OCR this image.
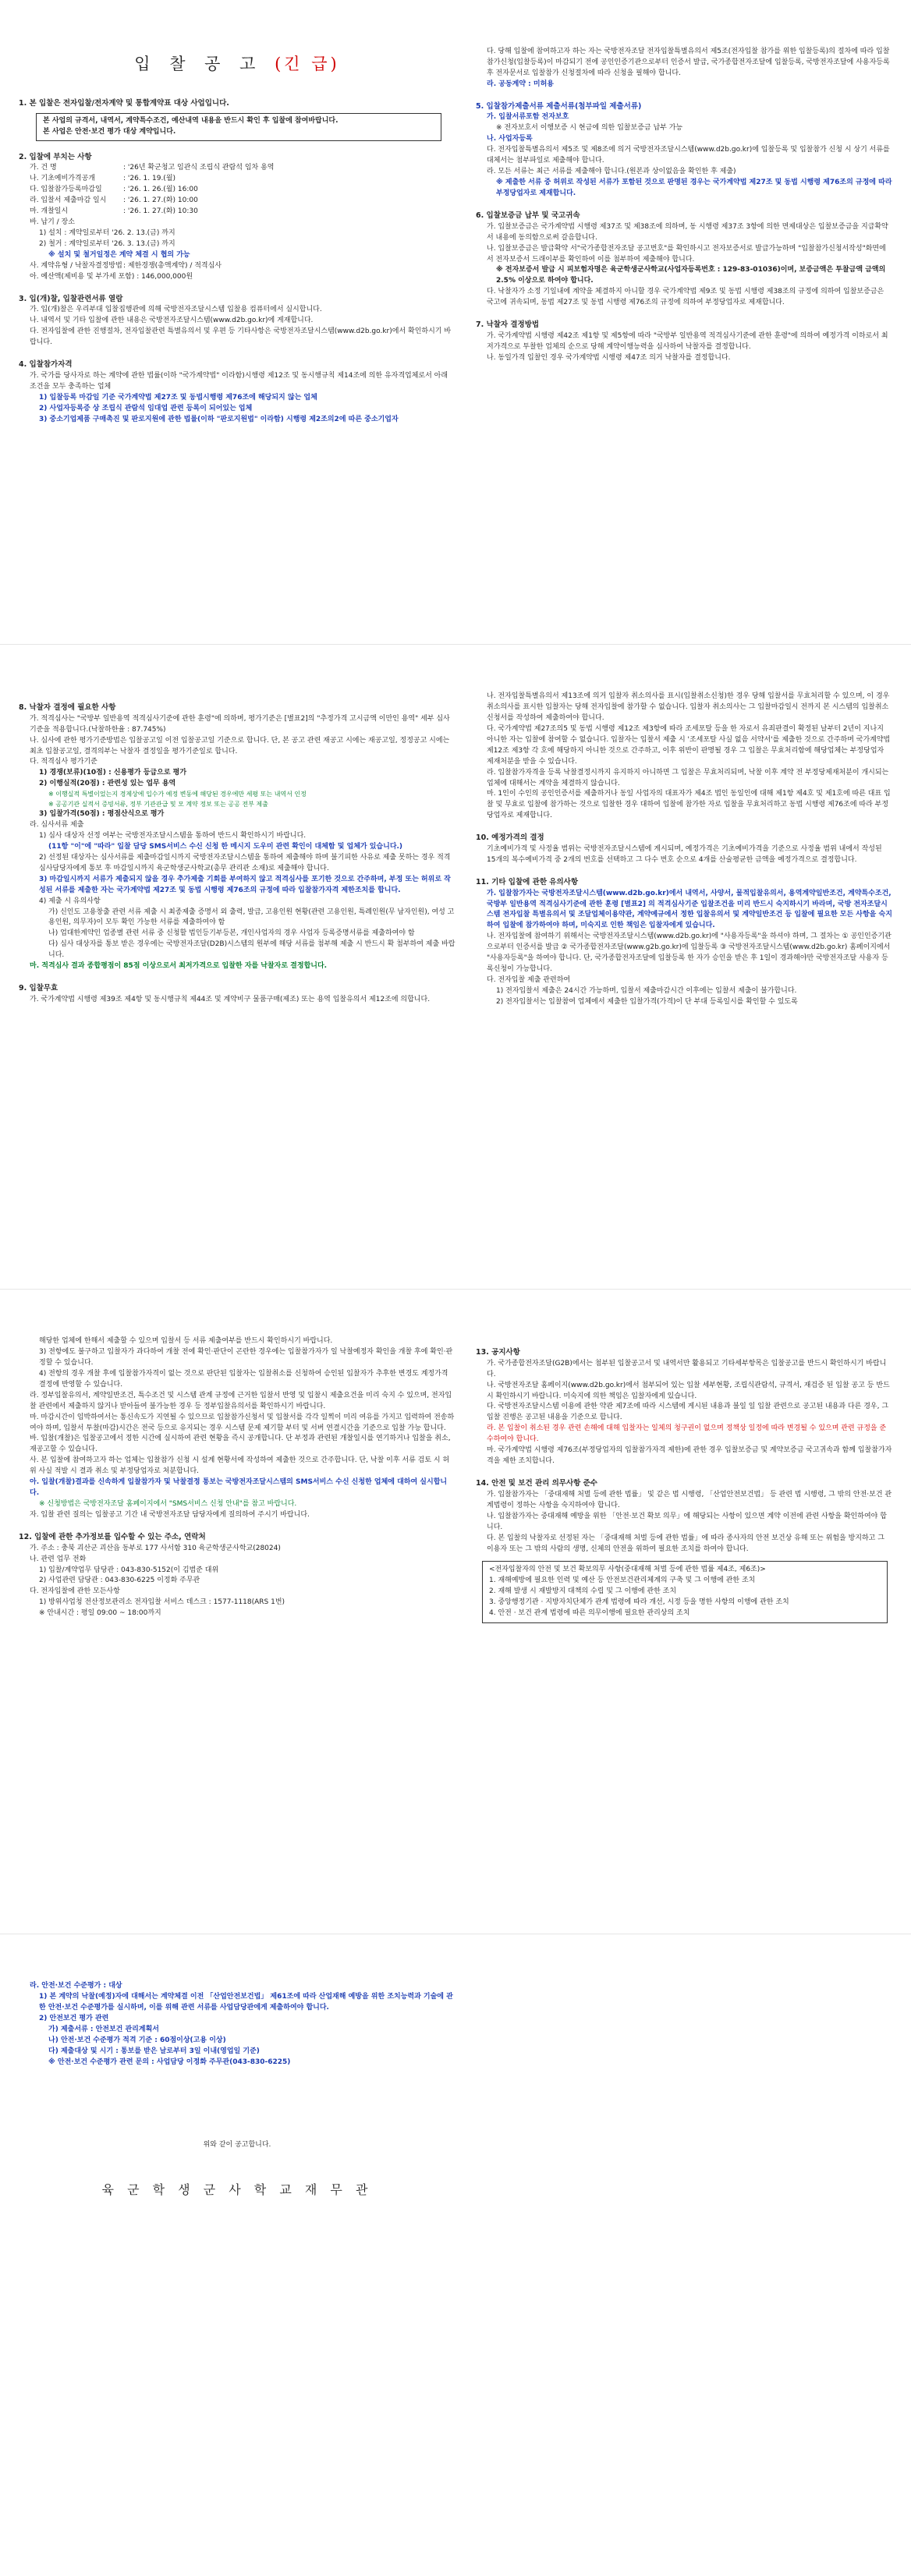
입 찰 공 고 (긴 급)
1. 본 입찰은 전자입찰/전자계약 및 통합계약표 대상 사업입니다.
본 사업의 규격서, 내역서, 계약특수조건, 예산내역 내용을 반드시 확인 후 입찰에 참여바랍니다.
본 사업은 안전·보건 평가 대상 계약입니다.
2. 입찰에 부치는 사항
가. 건 명	: '26년 확군청고 임관식 조립식 관람석 임차 용역
나. 기초예비가격공개	: '26. 1. 19.(월)
다. 입찰참가등록마감일	: '26. 1. 26.(월) 16:00
라. 입찰서 제출마감 일시	: '26. 1. 27.(화) 10:00
마. 개찰일시	: '26. 1. 27.(화) 10:30
바. 납기 / 장소
1) 설치 : 계약일로부터 '26. 2. 13.(금) 까지
2) 철거 : 계약일로부터 '26. 3. 13.(금) 까지
※ 설치 및 철거일정은 계약 체결 시 협의 가능
사. 계약유형 / 낙찰자결정방법 : 제한경쟁(총액계약) / 적격심사
아. 예산액(제비용 및 부가세 포함) : 146,000,000원
3. 입(개)찰, 입찰관련서류 열람
가. 입(개)찰은 우리부대 입찰집행관에 의해 국방전자조달시스템 입찰용 컴퓨터에서 실시합니다.
나. 내역서 및 기타 입찰에 관한 내용은 국방전자조달시스템(www.d2b.go.kr)에 게재합니다.
다. 전자입찰에 관한 진행절차, 전자입찰관련 특별유의서 및 우편 등 기타사항은 국방전자조달시스템(www.d2b.go.kr)에서 확인하시기 바랍니다.
4. 입찰참가자격
가. 국가를 당사자로 하는 계약에 관한 법률(이하 "국가계약법" 이라함)시행령 제12조 및 동시행규칙 제14조에 의한 유자격업체로서 아래 조건을 모두 충족하는 업체
1) 입찰등록 마감일 기준 국가계약법 제27조 및 동법시행령 제76조에 해당되지 않는 업체
2) 사업자등록증 상 조립식 관람석 임대업 관련 등록이 되어있는 업체
3) 중소기업제품 구매촉진 및 판로지원에 관한 법률(이하 "판로지원법" 이라함) 시행령 제2조의2에 따른 중소기업자
다. 당해 입찰에 참여하고자 하는 자는 국방전자조달 전자입찰특별유의서 제5조(전자입찰 참가를 위한 입찰등록)의 절차에 따라 입찰참가신청(입찰등록)이 마감되기 전에 공인인증기관으로부터 인증서 발급, 국가종합전자조달에 입찰등록, 국방전자조달에 사용자등록 후 전자문서로 입찰참가 신청절차에 따라 신청을 필해야 합니다.
라. 공동계약 : 미허용
5. 입찰참가제출서류 제출서류(첨부파일 제출서류)
가. 입찰서류포함 전자보호
※ 전자보호서 이행보증 시 현금에 의한 입찰보증금 납부 가능
나. 사업자등록
다. 전자입찰특별유의서 제5조 및 제8조에 의거 국방전자조달시스템(www.d2b.go.kr)에 입찰등록 및 입찰참가 신청 시 상기 서류를 대체서는 첨부파일로 제출해야 합니다.
라. 모든 서류는 최근 서류를 제출해야 합니다.(원본과 상이없음을 확인한 후 제출)
※ 제출한 서류 중 허위로 작성된 서류가 포함된 것으로 판명된 경우는 국가계약법 제27조 및 동법 시행령 제76조의 규정에 따라 부정당업자로 제재합니다.
6. 입찰보증금 납부 및 국고귀속
가. 입찰보증금은 국가계약법 시행령 제37조 및 제38조에 의하며, 동 시행령 제37조 3항에 의한 면제대상은 입찰보증금을 지급확약서 내용에 동의함으로써 갈음합니다.
나. 입찰보증금은 발급확약 서"국가종합전자조달 공고번호"를 확인하시고 전자보증서로 발급가능하며 "입찰참가신청서작성"화면에서 전자보증서 드래이부를 확인하여 이를 첨부하여 제출해야 합니다.
※ 전자보증서 발급 시 피보험자명은 육군학생군사학교(사업자등록번호 : 129-83-01036)이며, 보증금액은 투찰금액 금액의 2.5% 이상으로 하여야 합니다.
다. 낙찰자가 소정 기일내에 계약을 체결하지 아니할 경우 국가계약법 제9조 및 동법 시행령 제38조의 규정에 의하여 입찰보증금은 국고에 귀속되며, 동법 제27조 및 동법 시행령 제76조의 규정에 의하여 부정당업자로 제재합니다.
7. 낙찰자 결정방법
가. 국가계약법 시행령 제42조 제1항 및 제5항에 따라 "국방부 일반용역 적격심사기준에 관한 훈령"에 의하여 예정가격 이하로서 최저가격으로 투찰한 업체의 순으로 당해 계약이행능력을 심사하여 낙찰자를 결정합니다.
나. 동일가격 입찰인 경우 국가계약법 시행령 제47조 의거 낙찰자를 결정합니다.
8. 낙찰자 결정에 필요한 사항
가. 적격심사는 "국방부 일반용역 적격심사기준에 관한 훈령"에 의하며, 평가기준은 [별표2]의 "추정가격 고시금액 이만인 용역" 세부 심사기준을 적용합니다.(낙찰하한율 : 87.745%)
나. 심사에 관한 평가기준방법은 입찰공고일 이전 입찰공고일 기준으로 합니다. 단, 본 공고 관련 재공고 시에는 재공고일, 정정공고 시에는 최초 입찰공고일, 결격의부는 낙찰자 결정일을 평가기준일로 합니다.
다. 적격심사 평가기준
1) 경쟁(보류)(10점) : 신용평가 등급으로 평가
2) 이행실적(20점) : 관련성 있는 업무 용역
※ 이행실적 특별이었는지 경제상에 입수가 예정 변동에 해당된 경우에만 세평 또는 내역서 인정
※ 공공기관 실적서 증빙서류, 정부 기관관급 및 모 계약 정보 또는 공공 전부 제출
3) 입찰가격(50점) : 평점산식으로 평가
라. 심사서류 제출
1) 심사 대상자 선정 여부는 국방전자조달시스템을 통하여 반드시 확인하시기 바랍니다.
(11항 "이"에 "따라" 입찰 담당 SMS서비스 수신 신청 한 메시지 도우미 관련 확인이 대체함 및 업체가 있습니다.)
2) 선정된 대상자는 심사서류를 제출마감일시까지 국방전자조달시스템을 통하여 제출해야 하며 불기피한 사유로 제출 못하는 경우 적격심사담당자에게 통보 후 마감일시까지 육군학생군사학교(총무 관리관 소재)로 제출해야 합니다.
3) 마감일시까지 서류가 제출되지 않을 경우 추가제출 기회를 부여하지 않고 적격심사를 포기한 것으로 간주하며, 부정 또는 허위로 작성된 서류를 제출한 자는 국가계약법 제27조 및 동법 시행령 제76조의 규정에 따라 입찰참가자격 제한조치를 합니다.
4) 제출 시 유의사항
가) 신인도 고용창출 관련 서류 제출 시 최종제출 증명서 외 출력, 발급, 고용인원 현황(관련 고용인원, 특례인원(무 남자인원), 여성 고용인원, 의무자)이 모두 확인 가능한 서류를 제출하여야 함
나) 업대한계약인 업종별 관련 서류 중 신청할 법인등기부등본, 개인사업자의 경우 사업자 등록증명서류를 제출하여야 함
다) 심사 대상자를 통보 받은 경우에는 국방전자조달(D2B)시스템의 원부에 해당 서류를 첨부해 제출 시 반드시 확 첨부하여 제출 바랍니다.
마. 적격심사 결과 종합평점이 85점 이상으로서 최저가격으로 입찰한 자를 낙찰자로 결정합니다.
9. 입찰무효
가. 국가계약법 시행령 제39조 제4항 및 동시행규칙 제44조 및 계약비구 물품구매(제조) 또는 용역 입찰유의서 제12조에 의합니다.
나. 전자입찰특별유의서 제13조에 의거 입찰자 취소의사를 표시(입찰취소신청)한 경우 당해 입찰서를 무효처리할 수 있으며, 이 경우 취소의사를 표시한 입찰자는 당해 전자입찰에 참가할 수 없습니다. 입찰자 취소의사는 그 입찰마감일시 전까지 본 시스템의 입찰취소 신청서를 작성하여 제출하여야 합니다.
다. 국가계약법 제27조의5 및 동법 시행령 제12조 제3항에 따라 조세포탈 등을 한 자로서 유죄판결이 확정된 날부터 2년이 지나지 아니한 자는 입찰에 참여할 수 없습니다. 입찰자는 입찰서 제출 시 '조세포탈 사실 없음 서약서'를 제출한 것으로 간주하며 국가계약법 제12조 제3항 각 호에 해당하지 아니한 것으로 간주하고, 이후 위반이 판명될 경우 그 입찰은 무효처리함에 해당업체는 부정당업자 제재처분을 받을 수 있습니다.
라. 입찰참가자격을 등록 낙찰결정시까지 유지하지 아니하면 그 입찰은 무효처리되며, 낙찰 이후 계약 전 부정당제재처분이 개시되는 업체에 대해서는 계약을 체결하지 않습니다.
마. 1인이 수인의 공인인증서를 제출하거나 동일 사업자의 대표자가 제4조 법인 동일인에 대해 제1항 제4호 및 제1호에 따른 대표 입찰 및 무효로 입찰에 참가하는 것으로 입찰한 경우 대하여 입찰에 참가한 자로 입찰을 무효처리하고 동법 시행령 제76조에 따라 부정당업자로 제재합니다.
10. 예정가격의 결정
기초예비가격 및 사정율 범위는 국방전자조달시스템에 게시되며, 예정가격은 기초예비가격을 기준으로 사정율 범위 내에서 작성된 15개의 복수예비가격 중 2개의 번호를 선택하고 그 다수 번호 순으로 4개를 산술평균한 금액을 예정가격으로 결정합니다.
11. 기타 입찰에 관한 유의사항
가. 입찰참가자는 국방전자조달시스템(www.d2b.go.kr)에서 내역서, 사양서, 물적입찰유의서, 용역계약일반조건, 계약특수조건, 국방부 일반용역 적격심사기준에 관한 훈령 [별표2] 의 적격심사기준 입찰조건을 미리 반드시 숙지하시기 바라며, 국방 전자조달시스템 전자입찰 특별유의서 및 조달업체이용약관, 계약예규에서 정한 입찰유의서 및 계약일반조건 등 입찰에 필요한 모든 사항을 숙지하여 입찰에 참가하여야 하며, 미숙지로 인한 책임은 입찰자에게 있습니다.
나. 전자입찰에 참여하기 위해서는 국방전자조달시스템(www.d2b.go.kr)에 "사용자등록"을 하셔야 하며, 그 절차는 ① 공인인증기관으로부터 인증서를 발급 ② 국가종합전자조달(www.g2b.go.kr)에 입찰등록 ③ 국방전자조달시스템(www.d2b.go.kr) 홈페이지에서 "사용자등록"을 하여야 합니다. 단, 국가종합전자조달에 입찰등록 한 자가 승인을 받은 후 1일이 경과해야만 국방전자조달 사용자 등록신청이 가능합니다.
다. 전자입찰 제출 관련하여
1) 전자입찰서 제출은 24시간 가능하며, 입찰서 제출마감시간 이후에는 입찰서 제출이 불가합니다.
2) 전자입찰서는 입찰참여 업체에서 제출한 입찰가격(가격)이 단 부대 등록일시를 확인할 수 있도록
해당한 업체에 한해서 제출할 수 있으며 입찰서 등 서류 제출여부를 반드시 확인하시기 바랍니다.
3) 전항에도 불구하고 입찰자가 과다하여 개찰 전에 확인·판단이 곤란한 경우에는 입찰참가자가 일 낙찰예정자 확인을 개찰 후에 확인·판정할 수 있습니다.
4) 전항의 경우 개찰 후에 입찰참가자격이 없는 것으로 판단된 입찰자는 입찰취소를 신청하여 승인된 입찰자가 추후한 변경도 계정가격 결정에 반영할 수 있습니다.
라. 정부입찰유의서, 계약일반조건, 특수조건 및 시스템 관계 규정에 근거한 입찰서 반영 및 입찰시 제출요건을 미리 숙지 수 있으며, 전자입찰 관련에서 제출하지 않거나 받아들여 불가능한 경우 등 정부입찰유의서를 확인하시기 바랍니다.
마. 마감시간이 임박하여서는 통신속도가 지연될 수 있으므로 입찰참가신청서 및 입찰서를 각각 일찍이 미리 여유를 가지고 입력하여 전송하여야 하며, 입찰서 투찰(마감)시간은 전국 등으로 유지되는 경우 시스템 문제 제기할 부터 및 서버 연결시간을 기준으로 입찰 가능 합니다.
바. 입찰(개찰)은 입찰공고에서 정한 시간에 실시하여 관련 현황을 즉시 공개합니다. 단 부정과 관련된 개찰일시를 연기하거나 입찰을 취소, 재공고할 수 있습니다.
사. 본 입찰에 참여하고자 하는 업체는 입찰참가 신청 시 설계 현황서에 작성하여 제출한 것으로 간주합니다. 단, 낙찰 이후 서류 검토 시 허위 사실 적발 시 결과 취소 및 부정당업자로 처분합니다.
아. 입찰(개찰)결과를 신속하게 입찰참가자 및 낙찰결정 통보는 국방전자조달시스템의 SMS서비스 수신 신청한 업체에 대하여 실시합니다.
※ 신청방법은 국방전자조달 홈페이지에서 "SMS서비스 신청 안내"를 참고 바랍니다.
자. 입찰 관련 질의는 입찰공고 기간 내 국방전자조달 담당자에게 질의하여 주시기 바랍니다.
12. 입찰에 관한 추가정보를 입수할 수 있는 주소, 연락처
가. 주소 : 충북 괴산군 괴산읍 동부로 177 사서함 310 육군학생군사학교(28024)
나. 관련 업무 전화
1) 입찰/계약업무 담당관 : 043-830-5152(이 김범준 대위
2) 사업관련 담당관 : 043-830-6225 이정화 주무관
다. 전자입찰에 관한 모든사항
1) 방위사업청 전산정보관리소 전자입찰 서비스 데스크 : 1577-1118(ARS 1번)
※ 안내시간 : 평일 09:00 ~ 18:00까지
13. 공지사항
가. 국가종합전자조달(G2B)에서는 첨부된 입찰공고서 및 내역서만 활용되고 기타세부항목은 입찰공고를 반드시 확인하시기 바랍니다.
나. 국방전자조달 홈페이지(www.d2b.go.kr)에서 첨부되어 있는 입찰 세부현황, 조립식관람석, 규격서, 재검증 된 입찰 공고 등 반드시 확인하시기 바랍니다. 미숙지에 의한 책임은 입찰자에게 있습니다.
다. 국방전자조달시스템 이용에 관한 약관 제7조에 따라 시스템에 게시된 내용과 불일 일 입찰 관련으로 공고된 내용과 다른 경우, 그 입찰 진행은 공고된 내용을 기준으로 합니다.
라. 본 입찰이 취소된 경우 관련 손해에 대해 입찰자는 일체의 청구권이 없으며 정책상 일정에 따라 변경될 수 있으며 관련 규정을 준수하여야 합니다.
마. 국가계약법 시행령 제76조(부정당업자의 입찰참가자격 제한)에 관한 경우 입찰보증금 및 계약보증금 국고귀속과 함께 입찰참가자격을 제한 조치합니다.
14. 안전 및 보건 관리 의무사항 준수
가. 입찰참가자는 「중대재해 처벌 등에 관한 법률」 및 같은 법 시행령, 「산업안전보건법」 등 관련 법 시행령, 그 밖의 안전·보건 관계법령이 정하는 사항을 숙지하여야 합니다.
나. 입찰참가자는 중대재해 예방을 위한 「안전·보건 확보 의무」에 해당되는 사항이 있으면 계약 이전에 관련 사항을 확인하여야 합니다.
다. 본 입찰의 낙찰자로 선정된 자는 「중대재해 처벌 등에 관한 법률」에 따라 종사자의 안전 보건상 유해 또는 위험을 방지하고 그 이용자 또는 그 밖의 사람의 생명, 신체의 안전을 위하여 필요한 조치를 하여야 합니다.
<전자입찰자의 안전 및 보건 확보의무 사항(중대재해 처벌 등에 관한 법률 제4조, 제6조)>
1. 재해예방에 필요한 인력 및 예산 등 안전보건관리체계의 구축 및 그 이행에 관한 조치
2. 재해 발생 시 재발방지 대책의 수립 및 그 이행에 관한 조치
3. 중앙행정기관 · 지방자치단체가 관계 법령에 따라 개선, 시정 등을 명한 사항의 이행에 관한 조치
4. 안전 · 보건 관계 법령에 따른 의무이행에 필요한 관리상의 조치
라. 안전·보건 수준평가 : 대상
1) 본 계약의 낙찰(예정)자에 대해서는 계약체결 이전 「산업안전보건법」 제61조에 따라 산업재해 예방을 위한 조치능력과 기술에 관한 안전·보건 수준평가를 실시하며, 이를 위해 관련 서류를 사업담당관에게 제출하여야 합니다.
2) 안전보건 평가 관련
가) 제출서류 : 안전보건 관리계획서
나) 안전·보건 수준평가 적격 기준 : 60점이상(고용 이상)
다) 제출대상 및 시기 : 통보를 받은 날로부터 3일 이내(영업일 기준)
※ 안전·보건 수준평가 관련 문의 : 사업담당 이정화 주무관(043-830-6225)
위와 같이 공고합니다.
육 군 학 생 군 사 학 교 재 무 관
